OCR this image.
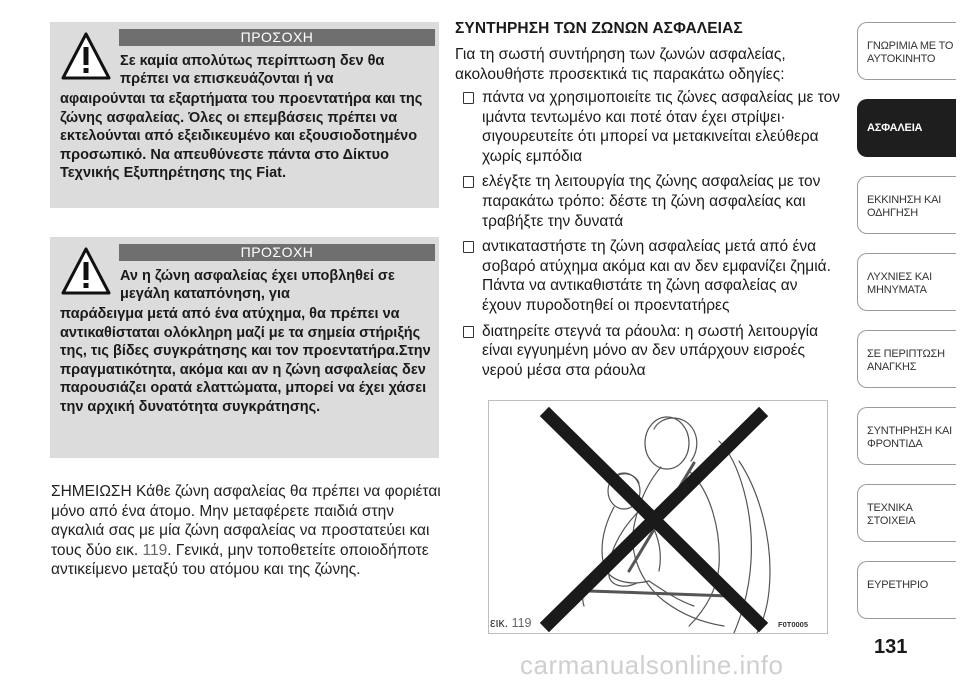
ΠΡΟΣΟΧΗ
Σε καμία απολύτως περίπτωση δεν θα πρέπει να επισκευάζονται ή να
αφαιρούνται τα εξαρτήματα του προεντατήρα και της ζώνης ασφαλείας. Όλες οι επεμβάσεις πρέπει να εκτελούνται από εξειδικευμένο και εξουσιοδοτημένο προσωπικό. Να απευθύνεστε πάντα στο Δίκτυο Τεχνικής Εξυπηρέτησης της Fiat.
ΠΡΟΣΟΧΗ
Αν η ζώνη ασφαλείας έχει υποβληθεί σε μεγάλη καταπόνηση, για
παράδειγμα μετά από ένα ατύχημα, θα πρέπει να αντικαθίσταται ολόκληρη μαζί με τα σημεία στήριξής της, τις βίδες συγκράτησης και τον προεντατήρα.Στην πραγματικότητα, ακόμα και αν η ζώνη ασφαλείας δεν παρουσιάζει ορατά ελαττώματα, μπορεί να έχει χάσει την αρχική δυνατότητα συγκράτησης.
ΣΗΜΕΙΩΣΗ Κάθε ζώνη ασφαλείας θα πρέπει να φοριέται μόνο από ένα άτομο. Μην μεταφέρετε παιδιά στην αγκαλιά σας με μία ζώνη ασφαλείας να προστατεύει και τους δύο εικ. 119. Γενικά, μην τοποθετείτε οποιοδήποτε αντικείμενο μεταξύ του ατόμου και της ζώνης.
ΣΥΝΤΗΡΗΣΗ ΤΩΝ ΖΩΝΩΝ ΑΣΦΑΛΕΙΑΣ
Για τη σωστή συντήρηση των ζωνών ασφαλείας, ακολουθήστε προσεκτικά τις παρακάτω οδηγίες:
πάντα να χρησιμοποιείτε τις ζώνες ασφαλείας με τον ιμάντα τεντωμένο και ποτέ όταν έχει στρίψει· σιγουρευτείτε ότι μπορεί να μετακινείται ελεύθερα χωρίς εμπόδια
ελέγξτε τη λειτουργία της ζώνης ασφαλείας με τον παρακάτω τρόπο: δέστε τη ζώνη ασφαλείας και τραβήξτε την δυνατά
αντικαταστήστε τη ζώνη ασφαλείας μετά από ένα σοβαρό ατύχημα ακόμα και αν δεν εμφανίζει ζημιά. Πάντα να αντικαθιστάτε τη ζώνη ασφαλείας αν έχουν πυροδοτηθεί οι προεντατήρες
διατηρείτε στεγνά τα ράουλα: η σωστή λειτουργία είναι εγγυημένη μόνο αν δεν υπάρχουν εισροές νερού μέσα στα ράουλα
εικ. 119	F0T0005
ΓΝΩΡΙΜΙΑ ΜΕ ΤΟ ΑΥΤΟΚΙΝΗΤΟ
ΑΣΦΑΛΕΙΑ
ΕΚΚΙΝΗΣΗ ΚΑΙ ΟΔΗΓΗΣΗ
ΛΥΧΝΙΕΣ ΚΑΙ ΜΗΝΥΜΑΤΑ
ΣΕ ΠΕΡΙΠΤΩΣΗ ΑΝΑΓΚΗΣ
ΣΥΝΤΗΡΗΣΗ ΚΑΙ ΦΡΟΝΤΙΔΑ
ΤΕΧΝΙΚΑ ΣΤΟΙΧΕΙΑ
ΕΥΡΕΤΗΡΙΟ
131
carmanualsonline.info
